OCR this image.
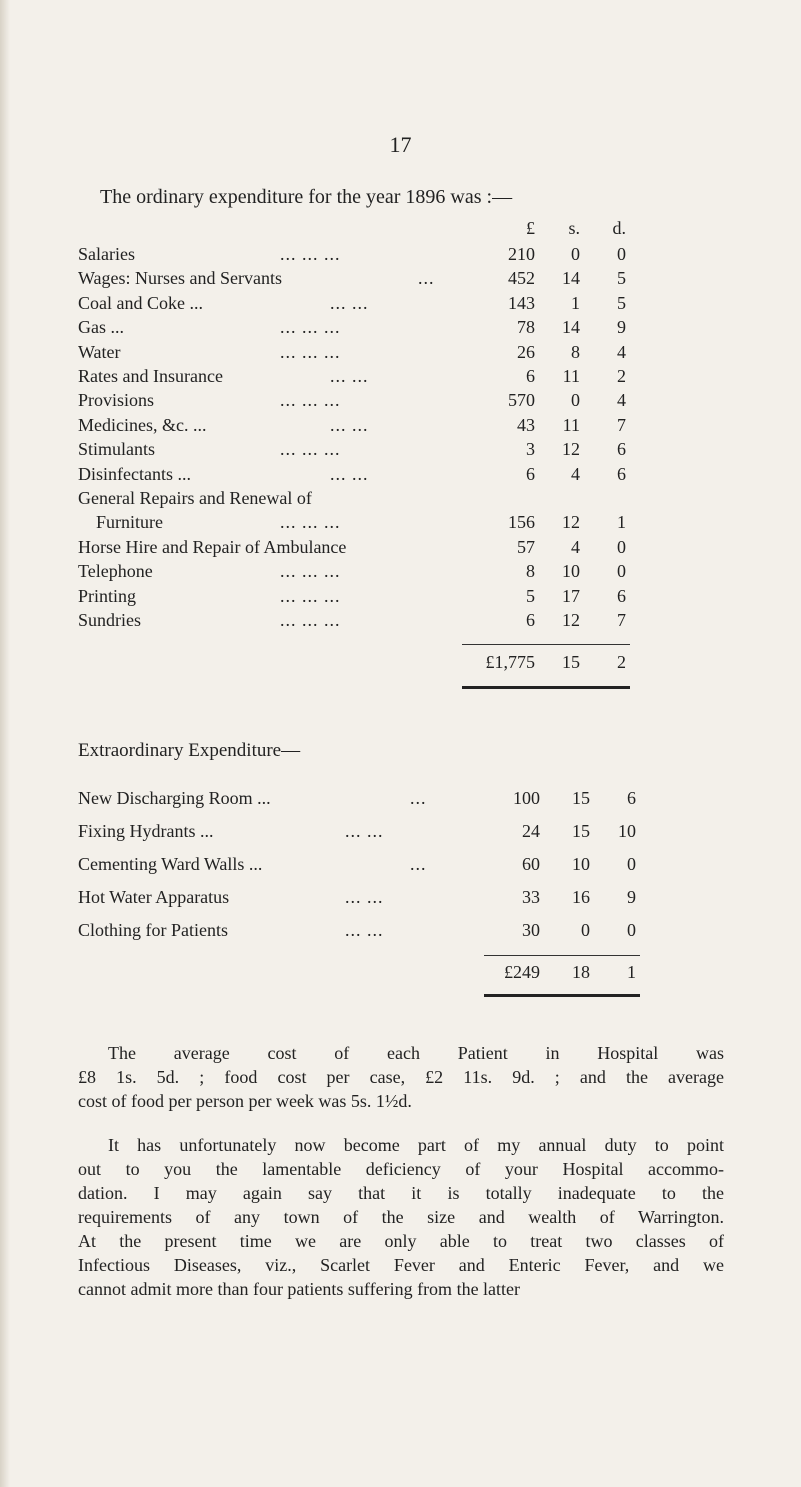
17
The ordinary expenditure for the year 1896 was :—
£	s.	d.
Salaries	... ... ...	210	0	0
Wages: Nurses and Servants	...	452	14	5
Coal and Coke ...	... ...	143	1	5
Gas ...	... ... ...	78	14	9
Water	... ... ...	26	8	4
Rates and Insurance	... ...	6	11	2
Provisions	... ... ...	570	0	4
Medicines, &c. ...	... ...	43	11	7
Stimulants	... ... ...	3	12	6
Disinfectants ...	... ...	6	4	6
General Repairs and Renewal of
Furniture	... ... ...	156	12	1
Horse Hire and Repair of Ambulance	57	4	0
Telephone	... ... ...	8	10	0
Printing	... ... ...	5	17	6
Sundries	... ... ...	6	12	7
£1,775	15	2
Extraordinary Expenditure—
New Discharging Room ...	...	100	15	6
Fixing Hydrants ...	... ...	24	15	10
Cementing Ward Walls ...	...	60	10	0
Hot Water Apparatus	... ...	33	16	9
Clothing for Patients	... ...	30	0	0
£249	18	1
The average cost of each Patient in Hospital was
£8 1s. 5d. ; food cost per case, £2 11s. 9d. ; and the average
cost of food per person per week was 5s. 1½d.
It has unfortunately now become part of my annual duty to point
out to you the lamentable deficiency of your Hospital accommo-
dation. I may again say that it is totally inadequate to the
requirements of any town of the size and wealth of Warrington.
At the present time we are only able to treat two classes of
Infectious Diseases, viz., Scarlet Fever and Enteric Fever, and we
cannot admit more than four patients suffering from the latter
